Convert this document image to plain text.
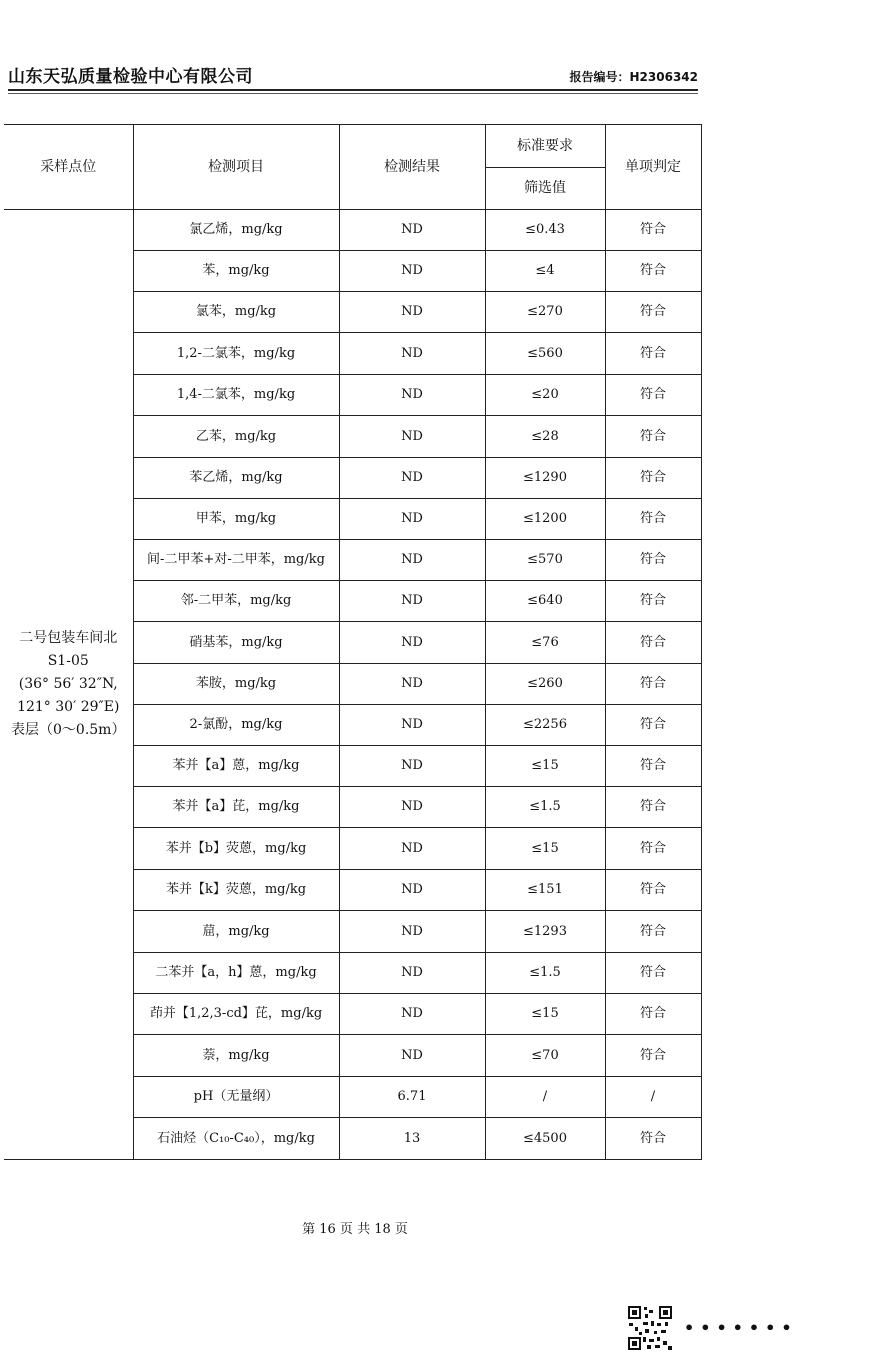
山东天弘质量检验中心有限公司	报告编号：H2306342
采样点位	检测项目	检测结果	标准要求	单项判定
			筛选值	

二号包装车间北
S1-05
(36° 56′ 32″N,
121° 30′ 29″E)
表层（0～0.5m）	氯乙烯，mg/kg	ND	≤0.43	符合
	苯，mg/kg	ND	≤4	符合
	氯苯，mg/kg	ND	≤270	符合
	1,2-二氯苯，mg/kg	ND	≤560	符合
	1,4-二氯苯，mg/kg	ND	≤20	符合
	乙苯，mg/kg	ND	≤28	符合
	苯乙烯，mg/kg	ND	≤1290	符合
	甲苯，mg/kg	ND	≤1200	符合
	间-二甲苯+对-二甲苯，mg/kg	ND	≤570	符合
	邻-二甲苯，mg/kg	ND	≤640	符合
	硝基苯，mg/kg	ND	≤76	符合
	苯胺，mg/kg	ND	≤260	符合
	2-氯酚，mg/kg	ND	≤2256	符合
	苯并【a】蒽，mg/kg	ND	≤15	符合
	苯并【a】芘，mg/kg	ND	≤1.5	符合
	苯并【b】荧蒽，mg/kg	ND	≤15	符合
	苯并【k】荧蒽，mg/kg	ND	≤151	符合
	䓛，mg/kg	ND	≤1293	符合
	二苯并【a，h】蒽，mg/kg	ND	≤1.5	符合
	茚并【1,2,3-cd】芘，mg/kg	ND	≤15	符合
	萘，mg/kg	ND	≤70	符合
	pH（无量纲）	6.71	/	/
	石油烃（C₁₀-C₄₀），mg/kg	13	≤4500	符合
第 16 页 共 18 页
•••••••
